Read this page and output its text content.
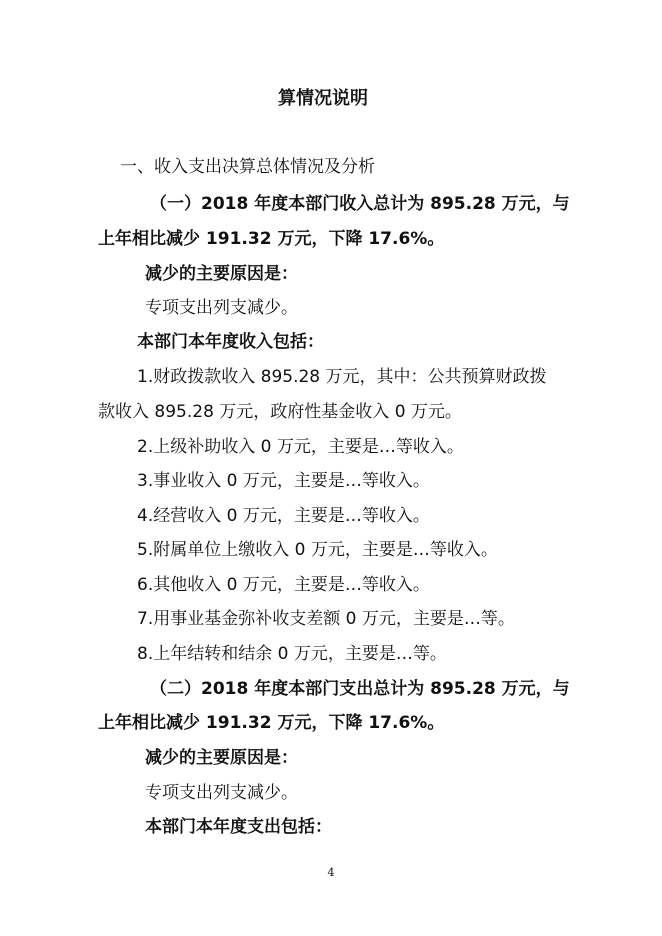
算情况说明
一、收入支出决算总体情况及分析
（一）2018 年度本部门收入总计为 895.28 万元，与
上年相比减少 191.32 万元，下降 17.6%。
减少的主要原因是：
专项支出列支减少。
本部门本年度收入包括：
1.财政拨款收入 895.28 万元，其中：公共预算财政拨
款收入 895.28 万元，政府性基金收入 0 万元。
2.上级补助收入 0 万元，主要是…等收入。
3.事业收入 0 万元，主要是…等收入。
4.经营收入 0 万元，主要是…等收入。
5.附属单位上缴收入 0 万元，主要是…等收入。
6.其他收入 0 万元，主要是…等收入。
7.用事业基金弥补收支差额 0 万元，主要是…等。
8.上年结转和结余 0 万元，主要是…等。
（二）2018 年度本部门支出总计为 895.28 万元，与
上年相比减少 191.32 万元，下降 17.6%。
减少的主要原因是：
专项支出列支减少。
本部门本年度支出包括：
4
